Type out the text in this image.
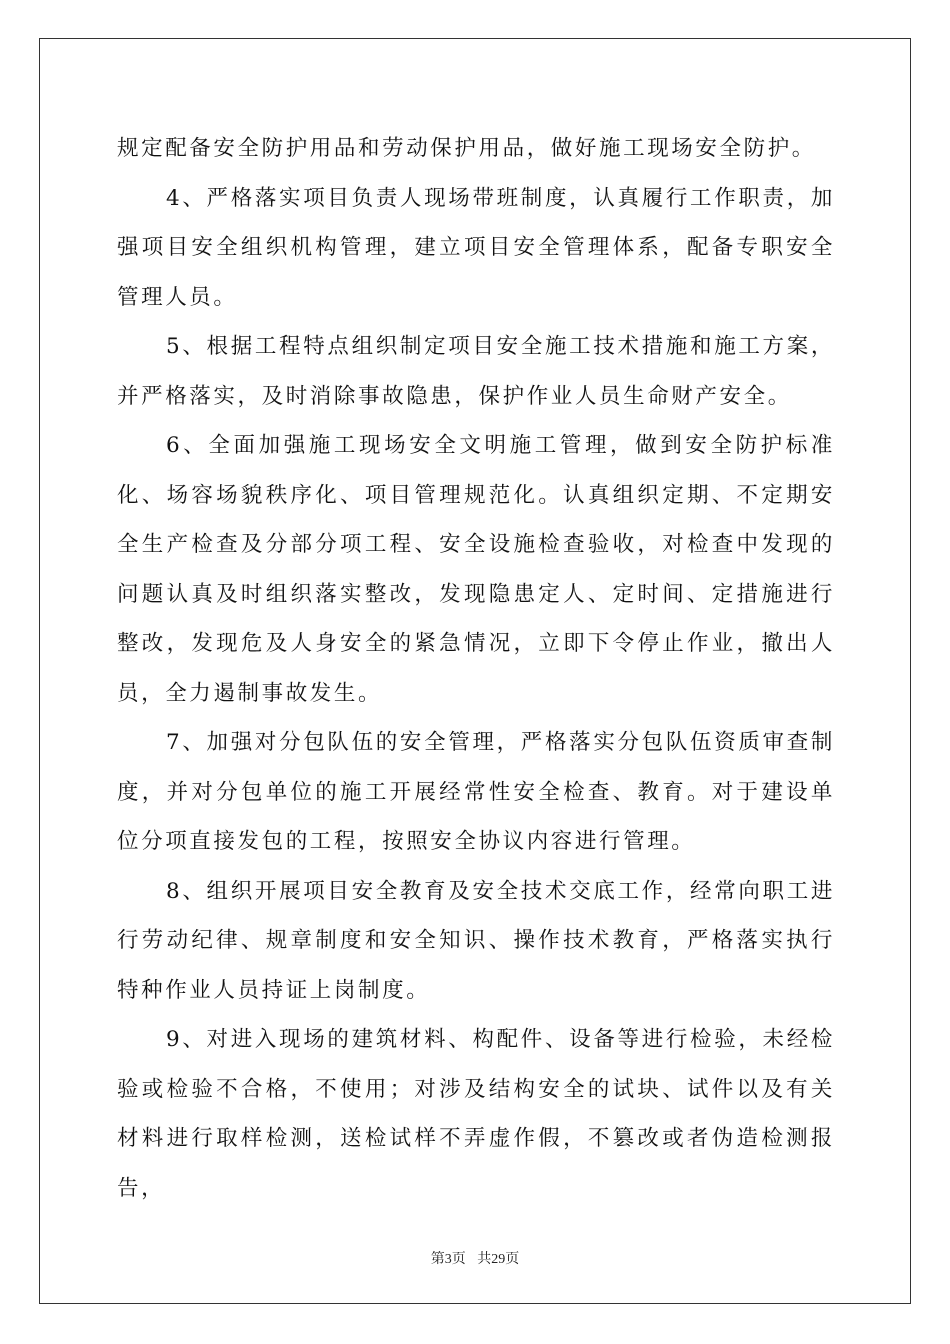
规定配备安全防护用品和劳动保护用品，做好施工现场安全防护。

4、严格落实项目负责人现场带班制度，认真履行工作职责，加强项目安全组织机构管理，建立项目安全管理体系，配备专职安全管理人员。

5、根据工程特点组织制定项目安全施工技术措施和施工方案，并严格落实，及时消除事故隐患，保护作业人员生命财产安全。

6、全面加强施工现场安全文明施工管理，做到安全防护标准化、场容场貌秩序化、项目管理规范化。认真组织定期、不定期安全生产检查及分部分项工程、安全设施检查验收，对检查中发现的问题认真及时组织落实整改，发现隐患定人、定时间、定措施进行整改，发现危及人身安全的紧急情况，立即下令停止作业，撤出人员，全力遏制事故发生。

7、加强对分包队伍的安全管理，严格落实分包队伍资质审查制度，并对分包单位的施工开展经常性安全检查、教育。对于建设单位分项直接发包的工程，按照安全协议内容进行管理。

8、组织开展项目安全教育及安全技术交底工作，经常向职工进行劳动纪律、规章制度和安全知识、操作技术教育，严格落实执行特种作业人员持证上岗制度。

9、对进入现场的建筑材料、构配件、设备等进行检验，未经检验或检验不合格，不使用；对涉及结构安全的试块、试件以及有关材料进行取样检测，送检试样不弄虚作假，不篡改或者伪造检测报告，

第3页 共29页
